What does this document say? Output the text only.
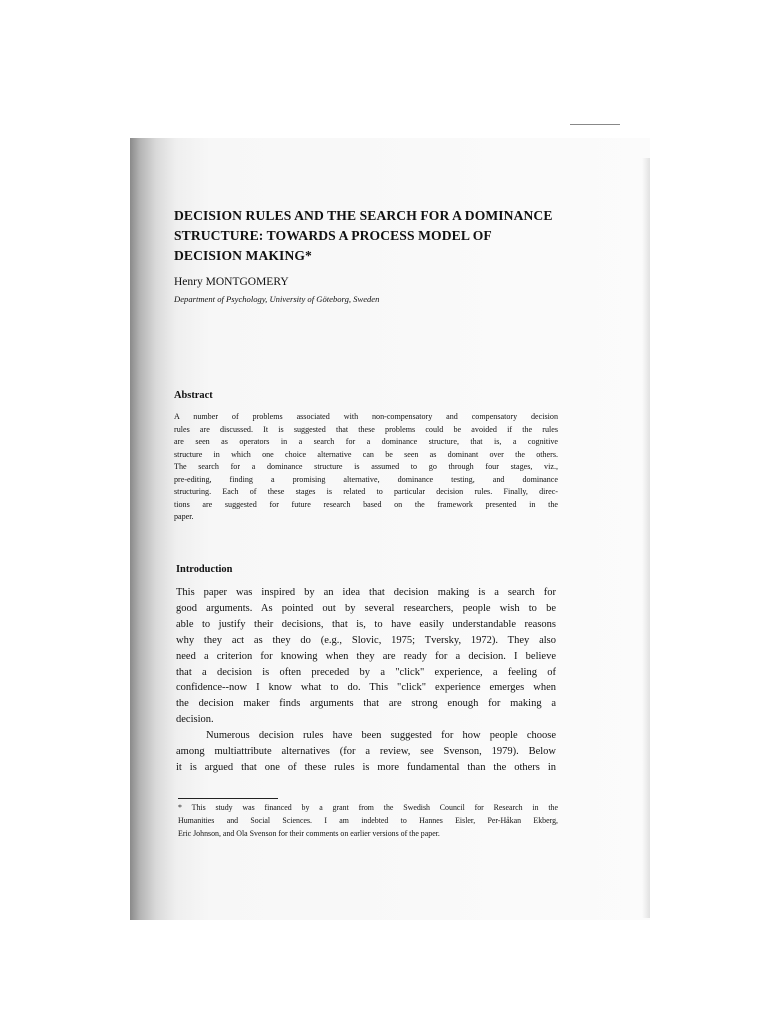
DECISION RULES AND THE SEARCH FOR A DOMINANCE
STRUCTURE: TOWARDS A PROCESS MODEL OF
DECISION MAKING*
Henry MONTGOMERY
Department of Psychology, University of Göteborg, Sweden
Abstract
A number of problems associated with non-compensatory and compensatory decision
rules are discussed. It is suggested that these problems could be avoided if the rules
are seen as operators in a search for a dominance structure, that is, a cognitive
structure in which one choice alternative can be seen as dominant over the others.
The search for a dominance structure is assumed to go through four stages, viz.,
pre-editing, finding a promising alternative, dominance testing, and dominance
structuring. Each of these stages is related to particular decision rules. Finally, direc-
tions are suggested for future research based on the framework presented in the
paper.
Introduction
This paper was inspired by an idea that decision making is a search for
good arguments. As pointed out by several researchers, people wish to be
able to justify their decisions, that is, to have easily understandable reasons
why they act as they do (e.g., Slovic, 1975; Tversky, 1972). They also
need a criterion for knowing when they are ready for a decision. I believe
that a decision is often preceded by a "click" experience, a feeling of
confidence--now I know what to do. This "click" experience emerges when
the decision maker finds arguments that are strong enough for making a
decision.
Numerous decision rules have been suggested for how people choose
among multiattribute alternatives (for a review, see Svenson, 1979). Below
it is argued that one of these rules is more fundamental than the others in
* This study was financed by a grant from the Swedish Council for Research in the
Humanities and Social Sciences. I am indebted to Hannes Eisler, Per-Håkan Ekberg,
Eric Johnson, and Ola Svenson for their comments on earlier versions of the paper.
